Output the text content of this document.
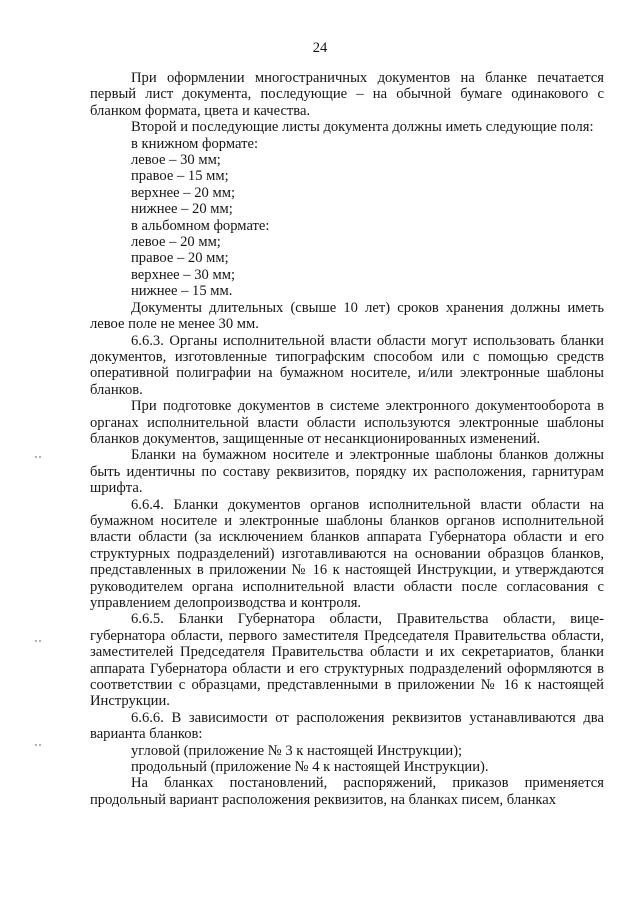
24

При оформлении многостраничных документов на бланке печатается первый лист документа, последующие – на обычной бумаге одинакового с бланком формата, цвета и качества.

Второй и последующие листы документа должны иметь следующие поля:

в книжном формате:

левое – 30 мм;

правое – 15 мм;

верхнее – 20 мм;

нижнее – 20 мм;

в альбомном формате:

левое – 20 мм;

правое – 20 мм;

верхнее – 30 мм;

нижнее – 15 мм.

Документы длительных (свыше 10 лет) сроков хранения должны иметь левое поле не менее 30 мм.

6.6.3. Органы исполнительной власти области могут использовать бланки документов, изготовленные типографским способом или с помощью средств оперативной полиграфии на бумажном носителе, и/или электронные шаблоны бланков.

При подготовке документов в системе электронного документооборота в органах исполнительной власти области используются электронные шаблоны бланков документов, защищенные от несанкционированных изменений.

Бланки на бумажном носителе и электронные шаблоны бланков должны быть идентичны по составу реквизитов, порядку их расположения, гарнитурам шрифта.

6.6.4. Бланки документов органов исполнительной власти области на бумажном носителе и электронные шаблоны бланков органов исполнительной власти области (за исключением бланков аппарата Губернатора области и его структурных подразделений) изготавливаются на основании образцов бланков, представленных в приложении № 16 к настоящей Инструкции, и утверждаются руководителем органа исполнительной власти области после согласования с управлением делопроизводства и контроля.

6.6.5. Бланки Губернатора области, Правительства области, вице-губернатора области, первого заместителя Председателя Правительства области, заместителей Председателя Правительства области и их секретариатов, бланки аппарата Губернатора области и его структурных подразделений оформляются в соответствии с образцами, представленными в приложении № 16 к настоящей Инструкции.

6.6.6. В зависимости от расположения реквизитов устанавливаются два варианта бланков:

угловой (приложение № 3 к настоящей Инструкции);

продольный (приложение № 4 к настоящей Инструкции).

На бланках постановлений, распоряжений, приказов применяется продольный вариант расположения реквизитов, на бланках писем, бланках
